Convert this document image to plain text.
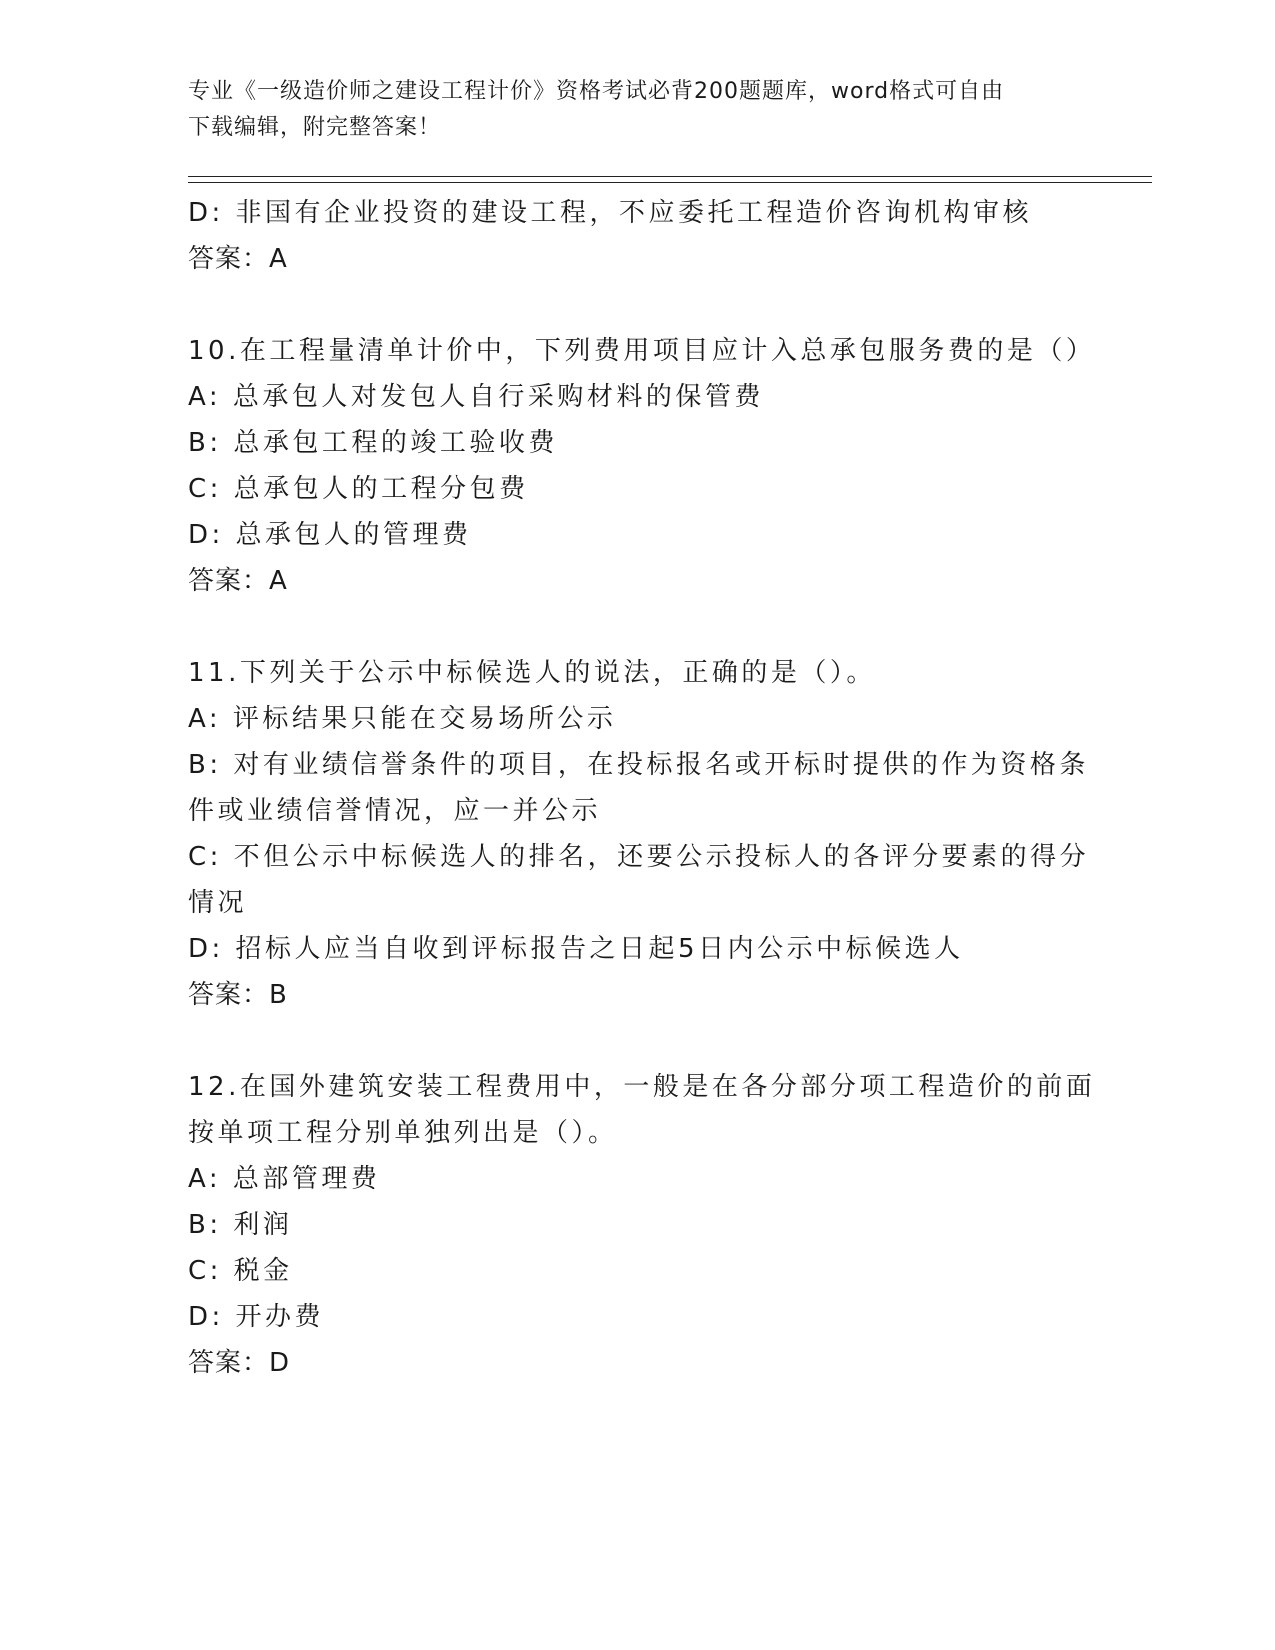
专业《一级造价师之建设工程计价》资格考试必背200题题库，word格式可自由
下载编辑，附完整答案！
D: 非国有企业投资的建设工程，不应委托工程造价咨询机构审核
答案：A
10.在工程量清单计价中，下列费用项目应计入总承包服务费的是（）
A: 总承包人对发包人自行采购材料的保管费
B: 总承包工程的竣工验收费
C: 总承包人的工程分包费
D: 总承包人的管理费
答案：A
11.下列关于公示中标候选人的说法，正确的是（）。
A: 评标结果只能在交易场所公示
B: 对有业绩信誉条件的项目，在投标报名或开标时提供的作为资格条
件或业绩信誉情况，应一并公示
C: 不但公示中标候选人的排名，还要公示投标人的各评分要素的得分
情况
D: 招标人应当自收到评标报告之日起5日内公示中标候选人
答案：B
12.在国外建筑安装工程费用中，一般是在各分部分项工程造价的前面
按单项工程分别单独列出是（）。
A: 总部管理费
B: 利润
C: 税金
D: 开办费
答案：D
